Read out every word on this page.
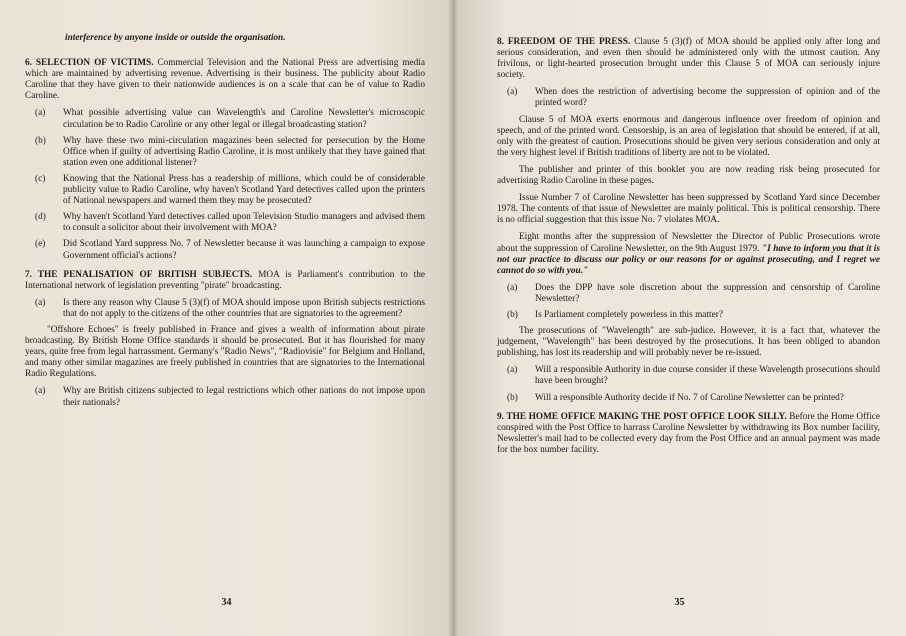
interference by anyone inside or outside the organisation.

6. SELECTION OF VICTIMS. Commercial Television and the National Press are advertising media which are maintained by advertising revenue. Advertising is their business. The publicity about Radio Caroline that they have given to their nationwide audiences is on a scale that can be of value to Radio Caroline.

(a)	What possible advertising value can Wavelength's and Caroline Newsletter's microscopic circulation be to Radio Caroline or any other legal or illegal broadcasting station?
(b)	Why have these two mini-circulation magazines been selected for persecution by the Home Office when if guilty of advertising Radio Caroline, it is most unlikely that they have gained that station even one additional listener?
(c)	Knowing that the National Press has a readership of millions, which could be of considerable publicity value to Radio Caroline, why haven't Scotland Yard detectives called upon the printers of National newspapers and warned them they may be prosecuted?
(d)	Why haven't Scotland Yard detectives called upon Television Studio managers and advised them to consult a solicitor about their involvement with MOA?
(e)	Did Scotland Yard suppress No. 7 of Newsletter because it was launching a campaign to expose Government official's actions?

7. THE PENALISATION OF BRITISH SUBJECTS. MOA is Parliament's contribution to the International network of legislation preventing "pirate" broadcasting.

(a)	Is there any reason why Clause 5 (3)(f) of MOA should impose upon British subjects restrictions that do not apply to the citizens of the other countries that are signatories to the agreement?

"Offshore Echoes" is freely published in France and gives a wealth of information about pirate broadcasting. By British Home Office standards it should be prosecuted. But it has flourished for many years, quite free from legal harrassment. Germany's "Radio News", "Radiovisie" for Belgium and Holland, and many other similar magazines are freely published in countries that are signatories to the International Radio Regulations.

(a)	Why are British citizens subjected to legal restrictions which other nations do not impose upon their nationals?
34

8. FREEDOM OF THE PRESS. Clause 5 (3)(f) of MOA should be applied only after long and serious consideration, and even then should be administered only with the utmost caution. Any frivilous, or light-hearted prosecution brought under this Clause 5 of MOA can seriously injure society.

(a)	When does the restriction of advertising become the suppression of opinion and of the printed word?

Clause 5 of MOA exerts enormous and dangerous influence over freedom of opinion and speech, and of the printed word. Censorship, is an area of legislation that should be entered, if at all, only with the greatest of caution. Prosecutions should be given very serious consideration and only at the very highest level if British traditions of liberty are not to be violated.

The publisher and printer of this booklet you are now reading risk being prosecuted for advertising Radio Caroline in these pages.

Issue Number 7 of Caroline Newsletter has been suppressed by Scotland Yard since December 1978. The contents of that issue of Newsletter are mainly political. This is political censorship. There is no official suggestion that this issue No. 7 violates MOA.

Eight months after the suppression of Newsletter the Director of Public Prosecutions wrote about the suppression of Caroline Newsletter, on the 9th August 1979. "I have to inform you that it is not our practice to discuss our policy or our reasons for or against prosecuting, and I regret we cannot do so with you."

(a)	Does the DPP have sole discretion about the suppression and censorship of Caroline Newsletter?
(b)	Is Parliament completely powerless in this matter?

The prosecutions of "Wavelength" are sub-judice. However, it is a fact that, whatever the judgement, "Wavelength" has been destroyed by the prosecutions. It has been obliged to abandon publishing, has lost its readership and will probably never be re-issued.

(a)	Will a responsible Authority in due course consider if these Wavelength prosecutions should have been brought?
(b)	Will a responsible Authority decide if No. 7 of Caroline Newsletter can be printed?

9. THE HOME OFFICE MAKING THE POST OFFICE LOOK SILLY. Before the Home Office conspired with the Post Office to harrass Caroline Newsletter by withdrawing its Box number facility, Newsletter's mail had to be collected every day from the Post Office and an annual payment was made for the box number facility.

35
